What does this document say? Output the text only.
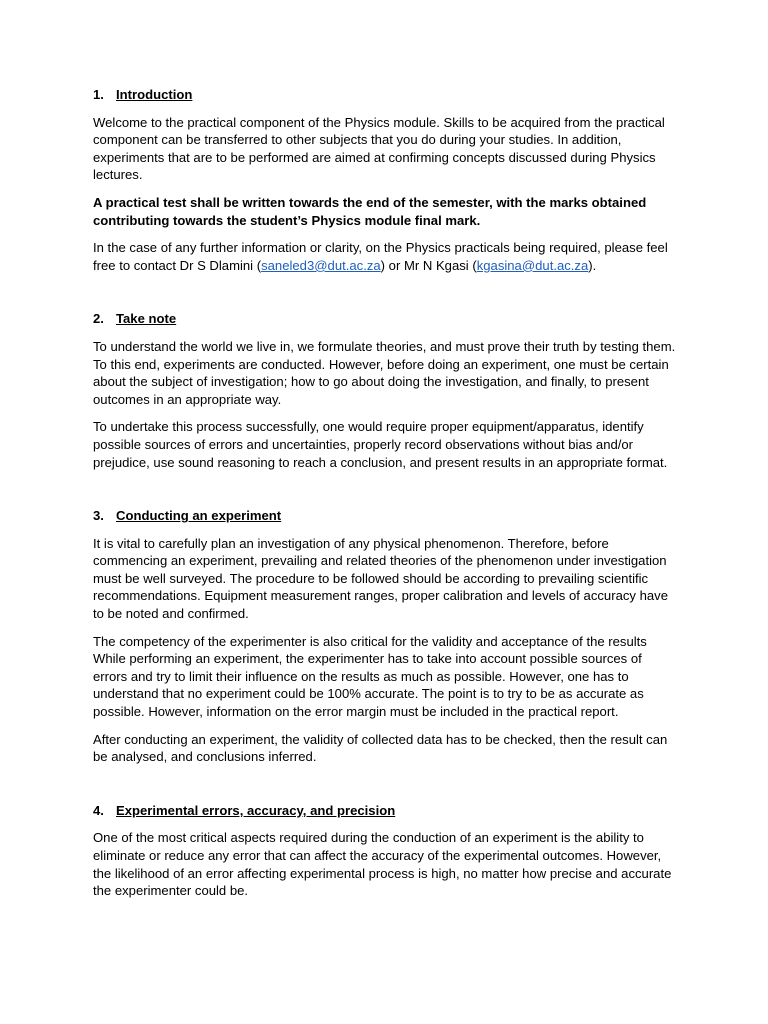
1. Introduction

Welcome to the practical component of the Physics module. Skills to be acquired from the practical component can be transferred to other subjects that you do during your studies. In addition, experiments that are to be performed are aimed at confirming concepts discussed during Physics lectures.

A practical test shall be written towards the end of the semester, with the marks obtained contributing towards the student’s Physics module final mark.

In the case of any further information or clarity, on the Physics practicals being required, please feel free to contact Dr S Dlamini (saneled3@dut.ac.za) or Mr N Kgasi (kgasina@dut.ac.za).

2. Take note

To understand the world we live in, we formulate theories, and must prove their truth by testing them. To this end, experiments are conducted. However, before doing an experiment, one must be certain about the subject of investigation; how to go about doing the investigation, and finally, to present outcomes in an appropriate way.

To undertake this process successfully, one would require proper equipment/apparatus, identify possible sources of errors and uncertainties, properly record observations without bias and/or prejudice, use sound reasoning to reach a conclusion, and present results in an appropriate format.

3. Conducting an experiment

It is vital to carefully plan an investigation of any physical phenomenon. Therefore, before commencing an experiment, prevailing and related theories of the phenomenon under investigation must be well surveyed. The procedure to be followed should be according to prevailing scientific recommendations. Equipment measurement ranges, proper calibration and levels of accuracy have to be noted and confirmed.

The competency of the experimenter is also critical for the validity and acceptance of the results While performing an experiment, the experimenter has to take into account possible sources of errors and try to limit their influence on the results as much as possible. However, one has to understand that no experiment could be 100% accurate. The point is to try to be as accurate as possible. However, information on the error margin must be included in the practical report.

After conducting an experiment, the validity of collected data has to be checked, then the result can be analysed, and conclusions inferred.

4. Experimental errors, accuracy, and precision

One of the most critical aspects required during the conduction of an experiment is the ability to eliminate or reduce any error that can affect the accuracy of the experimental outcomes. However, the likelihood of an error affecting experimental process is high, no matter how precise and accurate the experimenter could be.
